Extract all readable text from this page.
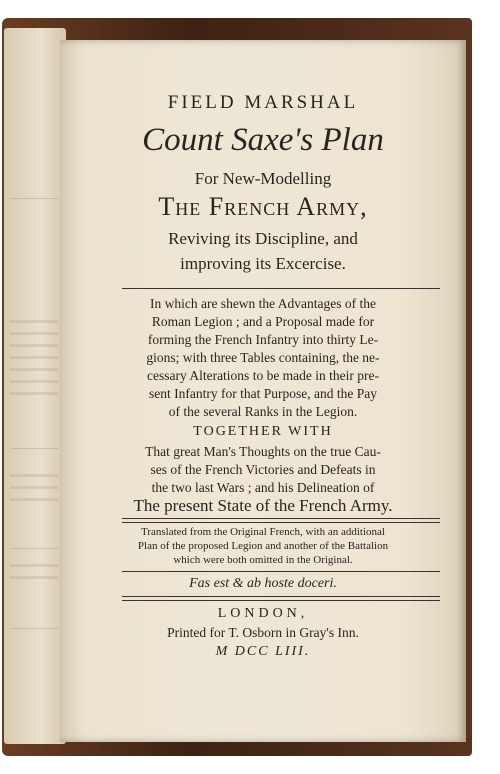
FIELD MARSHAL
Count Saxe's Plan
For New-Modelling
The French Army,
Reviving its Discipline, and
improving its Excercise.
In which are shewn the Advantages of the
Roman Legion ; and a Proposal made for
forming the French Infantry into thirty Le-
gions; with three Tables containing, the ne-
cessary Alterations to be made in their pre-
sent Infantry for that Purpose, and the Pay
of the several Ranks in the Legion.
TOGETHER WITH
That great Man's Thoughts on the true Cau-
ses of the French Victories and Defeats in
the two last Wars ; and his Delineation of
The present State of the French Army.
Translated from the Original French, with an additional
Plan of the proposed Legion and another of the Battalion
which were both omitted in the Original.
Fas est & ab hoste doceri.
LONDON,
Printed for T. Osborn in Gray's Inn.
M DCC LIII.
